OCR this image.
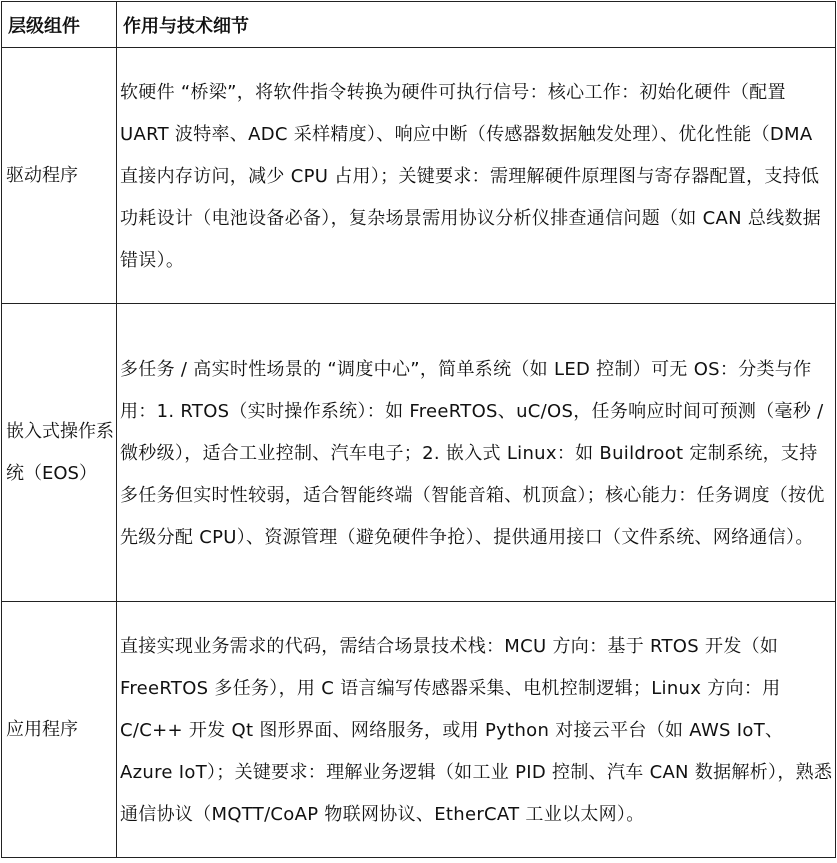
层级组件	作用与技术细节
驱动程序	软硬件 “桥梁”，将软件指令转换为硬件可执行信号：核心工作：初始化硬件（配置 UART 波特率、ADC 采样精度）、响应中断（传感器数据触发处理）、优化性能（DMA 直接内存访问，减少 CPU 占用）；关键要求：需理解硬件原理图与寄存器配置，支持低功耗设计（电池设备必备），复杂场景需用协议分析仪排查通信问题（如 CAN 总线数据错误）。
嵌入式操作系统（EOS）	多任务 / 高实时性场景的 “调度中心”，简单系统（如 LED 控制）可无 OS：分类与作用：1. RTOS（实时操作系统）：如 FreeRTOS、uC/OS，任务响应时间可预测（毫秒 / 微秒级），适合工业控制、汽车电子；2. 嵌入式 Linux：如 Buildroot 定制系统，支持多任务但实时性较弱，适合智能终端（智能音箱、机顶盒）；核心能力：任务调度（按优先级分配 CPU）、资源管理（避免硬件争抢）、提供通用接口（文件系统、网络通信）。
应用程序	直接实现业务需求的代码，需结合场景技术栈：MCU 方向：基于 RTOS 开发（如 FreeRTOS 多任务），用 C 语言编写传感器采集、电机控制逻辑；Linux 方向：用 C/C++ 开发 Qt 图形界面、网络服务，或用 Python 对接云平台（如 AWS IoT、Azure IoT）；关键要求：理解业务逻辑（如工业 PID 控制、汽车 CAN 数据解析），熟悉通信协议（MQTT/CoAP 物联网协议、EtherCAT 工业以太网）。
